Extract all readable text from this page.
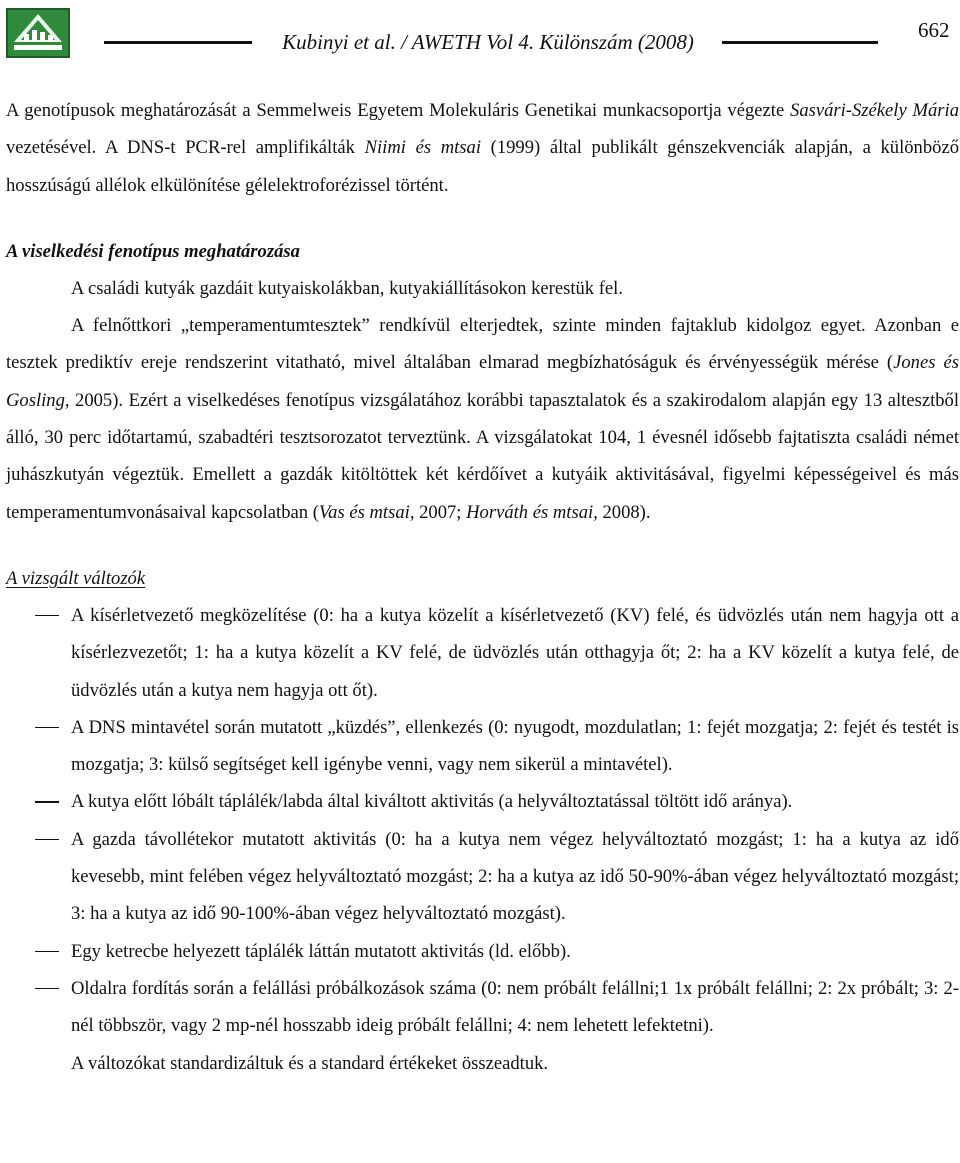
Kubinyi et al. / AWETH Vol 4. Különszám (2008)	662

A genotípusok meghatározását a Semmelweis Egyetem Molekuláris Genetikai munkacsoportja végezte Sasvári-Székely Mária vezetésével. A DNS-t PCR-rel amplifikálták Niimi és mtsai (1999) által publikált génszekvenciák alapján, a különböző hosszúságú allélok elkülönítése gélelektroforézissel történt.

A viselkedési fenotípus meghatározása

A családi kutyák gazdáit kutyaiskolákban, kutyakiállításokon kerestük fel.

A felnőttkori „temperamentumtesztek” rendkívül elterjedtek, szinte minden fajtaklub kidolgoz egyet. Azonban e tesztek prediktív ereje rendszerint vitatható, mivel általában elmarad megbízhatóságuk és érvényességük mérése (Jones és Gosling, 2005). Ezért a viselkedéses fenotípus vizsgálatához korábbi tapasztalatok és a szakirodalom alapján egy 13 altesztből álló, 30 perc időtartamú, szabadtéri tesztsorozatot terveztünk. A vizsgálatokat 104, 1 évesnél idősebb fajtatiszta családi német juhászkutyán végeztük. Emellett a gazdák kitöltöttek két kérdőívet a kutyáik aktivitásával, figyelmi képességeivel és más temperamentumvonásaival kapcsolatban (Vas és mtsai, 2007; Horváth és mtsai, 2008).

A vizsgált változók

A kísérletvezető megközelítése (0: ha a kutya közelít a kísérletvezető (KV) felé, és üdvözlés után nem hagyja ott a kísérlezvezetőt; 1: ha a kutya közelít a KV felé, de üdvözlés után otthagyja őt; 2: ha a KV közelít a kutya felé, de üdvözlés után a kutya nem hagyja ott őt).
A DNS mintavétel során mutatott „küzdés”, ellenkezés (0: nyugodt, mozdulatlan; 1: fejét mozgatja; 2: fejét és testét is mozgatja; 3: külső segítséget kell igénybe venni, vagy nem sikerül a mintavétel).
A kutya előtt lóbált táplálék/labda által kiváltott aktivitás (a helyváltoztatással töltött idő aránya).
A gazda távollétekor mutatott aktivitás (0: ha a kutya nem végez helyváltoztató mozgást; 1: ha a kutya az idő kevesebb, mint felében végez helyváltoztató mozgást; 2: ha a kutya az idő 50-90%-ában végez helyváltoztató mozgást; 3: ha a kutya az idő 90-100%-ában végez helyváltoztató mozgást).
Egy ketrecbe helyezett táplálék láttán mutatott aktivitás (ld. előbb).
Oldalra fordítás során a felállási próbálkozások száma (0: nem próbált felállni;1 1x próbált felállni; 2: 2x próbált; 3: 2-nél többször, vagy 2 mp-nél hosszabb ideig próbált felállni; 4: nem lehetett lefektetni).

A változókat standardizáltuk és a standard értékeket összeadtuk.
